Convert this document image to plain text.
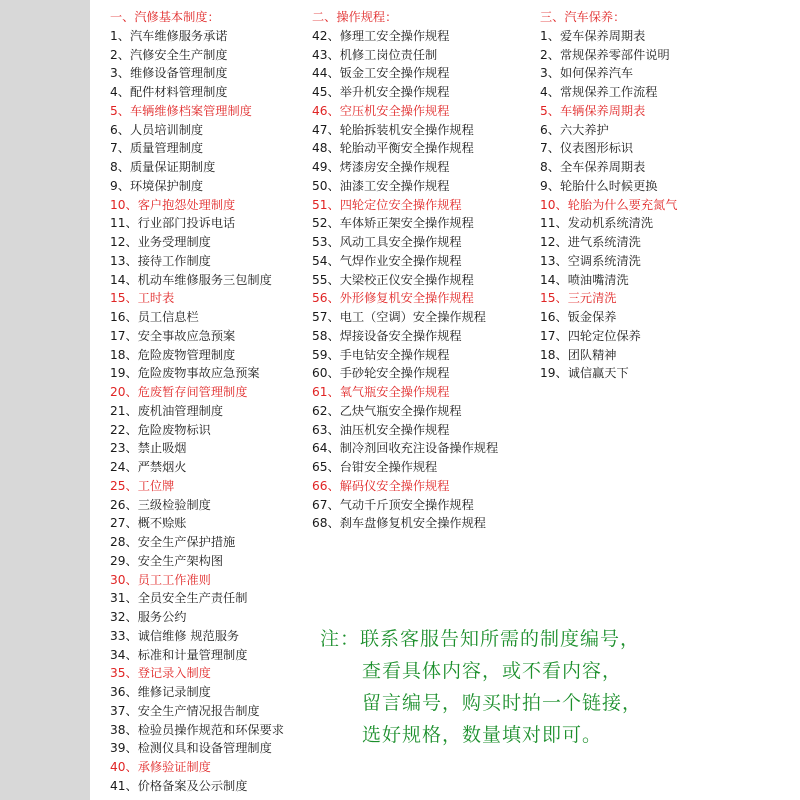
一、汽修基本制度：
1、汽车维修服务承诺
2、汽修安全生产制度
3、维修设备管理制度
4、配件材料管理制度
5、车辆维修档案管理制度
6、人员培训制度
7、质量管理制度
8、质量保证期制度
9、环境保护制度
10、客户抱怨处理制度
11、行业部门投诉电话
12、业务受理制度
13、接待工作制度
14、机动车维修服务三包制度
15、工时表
16、员工信息栏
17、安全事故应急预案
18、危险废物管理制度
19、危险废物事故应急预案
20、危废暂存间管理制度
21、废机油管理制度
22、危险废物标识
23、禁止吸烟
24、严禁烟火
25、工位牌
26、三级检验制度
27、概不赊账
28、安全生产保护措施
29、安全生产架构图
30、员工工作准则
31、全员安全生产责任制
32、服务公约
33、诚信维修 规范服务
34、标准和计量管理制度
35、登记录入制度
36、维修记录制度
37、安全生产情况报告制度
38、检验员操作规范和环保要求
39、检测仪具和设备管理制度
40、承修验证制度
41、价格备案及公示制度
二、操作规程：
42、修理工安全操作规程
43、机修工岗位责任制
44、钣金工安全操作规程
45、举升机安全操作规程
46、空压机安全操作规程
47、轮胎拆装机安全操作规程
48、轮胎动平衡安全操作规程
49、烤漆房安全操作规程
50、油漆工安全操作规程
51、四轮定位安全操作规程
52、车体矫正架安全操作规程
53、风动工具安全操作规程
54、气焊作业安全操作规程
55、大梁校正仪安全操作规程
56、外形修复机安全操作规程
57、电工（空调）安全操作规程
58、焊接设备安全操作规程
59、手电钻安全操作规程
60、手砂轮安全操作规程
61、氧气瓶安全操作规程
62、乙炔气瓶安全操作规程
63、油压机安全操作规程
64、制冷剂回收充注设备操作规程
65、台钳安全操作规程
66、解码仪安全操作规程
67、气动千斤顶安全操作规程
68、刹车盘修复机安全操作规程
三、汽车保养：
1、爱车保养周期表
2、常规保养零部件说明
3、如何保养汽车
4、常规保养工作流程
5、车辆保养周期表
6、六大养护
7、仪表图形标识
8、全车保养周期表
9、轮胎什么时候更换
10、轮胎为什么要充氮气
11、发动机系统清洗
12、进气系统清洗
13、空调系统清洗
14、喷油嘴清洗
15、三元清洗
16、钣金保养
17、四轮定位保养
18、团队精神
19、诚信赢天下
注：联系客服告知所需的制度编号，
查看具体内容，或不看内容，
留言编号，购买时拍一个链接，
选好规格，数量填对即可。
